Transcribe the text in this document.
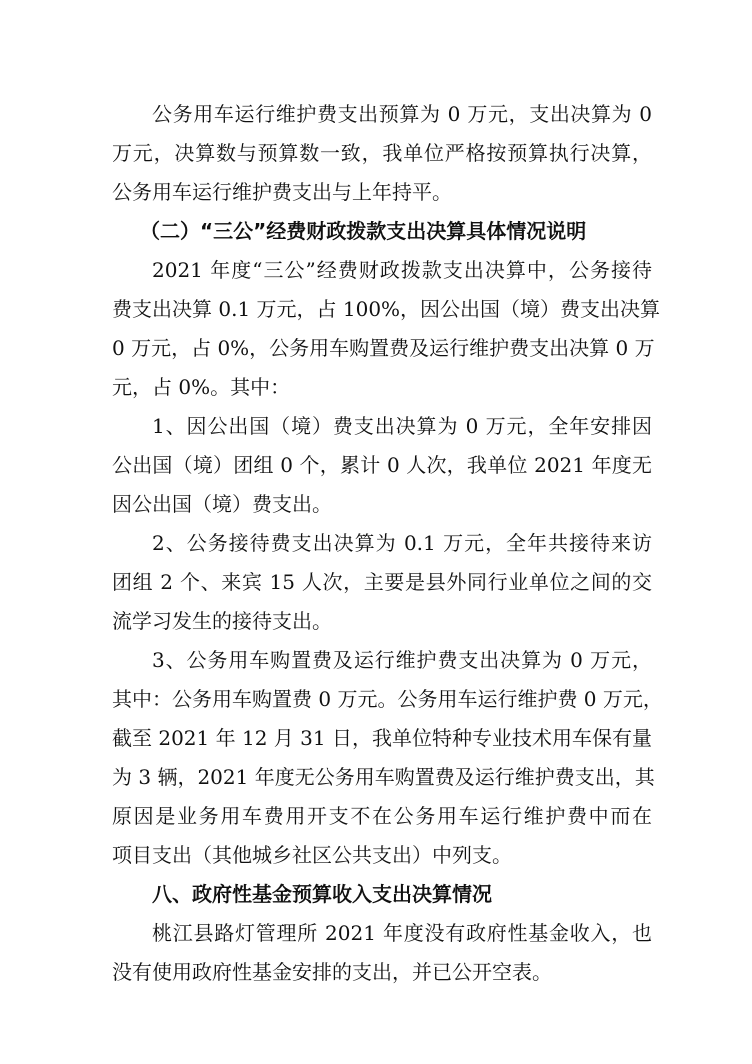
公务用车运行维护费支出预算为 0 万元，支出决算为 0
万元，决算数与预算数一致，我单位严格按预算执行决算，
公务用车运行维护费支出与上年持平。
（二）“三公”经费财政拨款支出决算具体情况说明
2021 年度“三公”经费财政拨款支出决算中，公务接待
费支出决算 0.1 万元，占 100%，因公出国（境）费支出决算
0 万元，占 0%，公务用车购置费及运行维护费支出决算 0 万
元，占 0%。其中：
1、因公出国（境）费支出决算为 0 万元，全年安排因
公出国（境）团组 0 个，累计 0 人次，我单位 2021 年度无
因公出国（境）费支出。
2、公务接待费支出决算为 0.1 万元，全年共接待来访
团组 2 个、来宾 15 人次，主要是县外同行业单位之间的交
流学习发生的接待支出。
3、公务用车购置费及运行维护费支出决算为 0 万元，
其中：公务用车购置费 0 万元。公务用车运行维护费 0 万元，
截至 2021 年 12 月 31 日，我单位特种专业技术用车保有量
为 3 辆，2021 年度无公务用车购置费及运行维护费支出，其
原因是业务用车费用开支不在公务用车运行维护费中而在
项目支出（其他城乡社区公共支出）中列支。
八、政府性基金预算收入支出决算情况
桃江县路灯管理所 2021 年度没有政府性基金收入，也
没有使用政府性基金安排的支出，并已公开空表。
